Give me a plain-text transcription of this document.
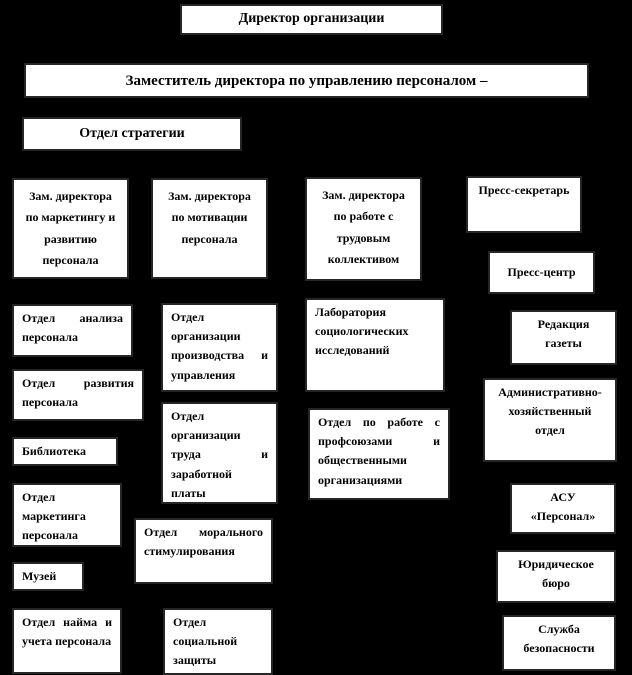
Директор организации
Заместитель директора по управлению персоналом –
Отдел стратегии
Зам. директора по маркетингу и развитию персонала
Зам. директора по мотивации персонала
Зам. директора по работе с трудовым коллективом
Пресс-секретарь
Пресс-центр
Отдел анализа персонала
Отдел развития персонала
Библиотека
Отдел маркетинга персонала
Музей
Отдел найма и учета персонала
Отдел организации производства и управления
Отдел организации труда и заработной платы
Отдел морального стимулирования
Отдел социальной защиты
Лаборатория социологических исследований
Отдел по работе с профсоюзами и общественными организациями
Редакция газеты
Административно-хозяйственный отдел
АСУ «Персонал»
Юридическое бюро
Служба безопасности
